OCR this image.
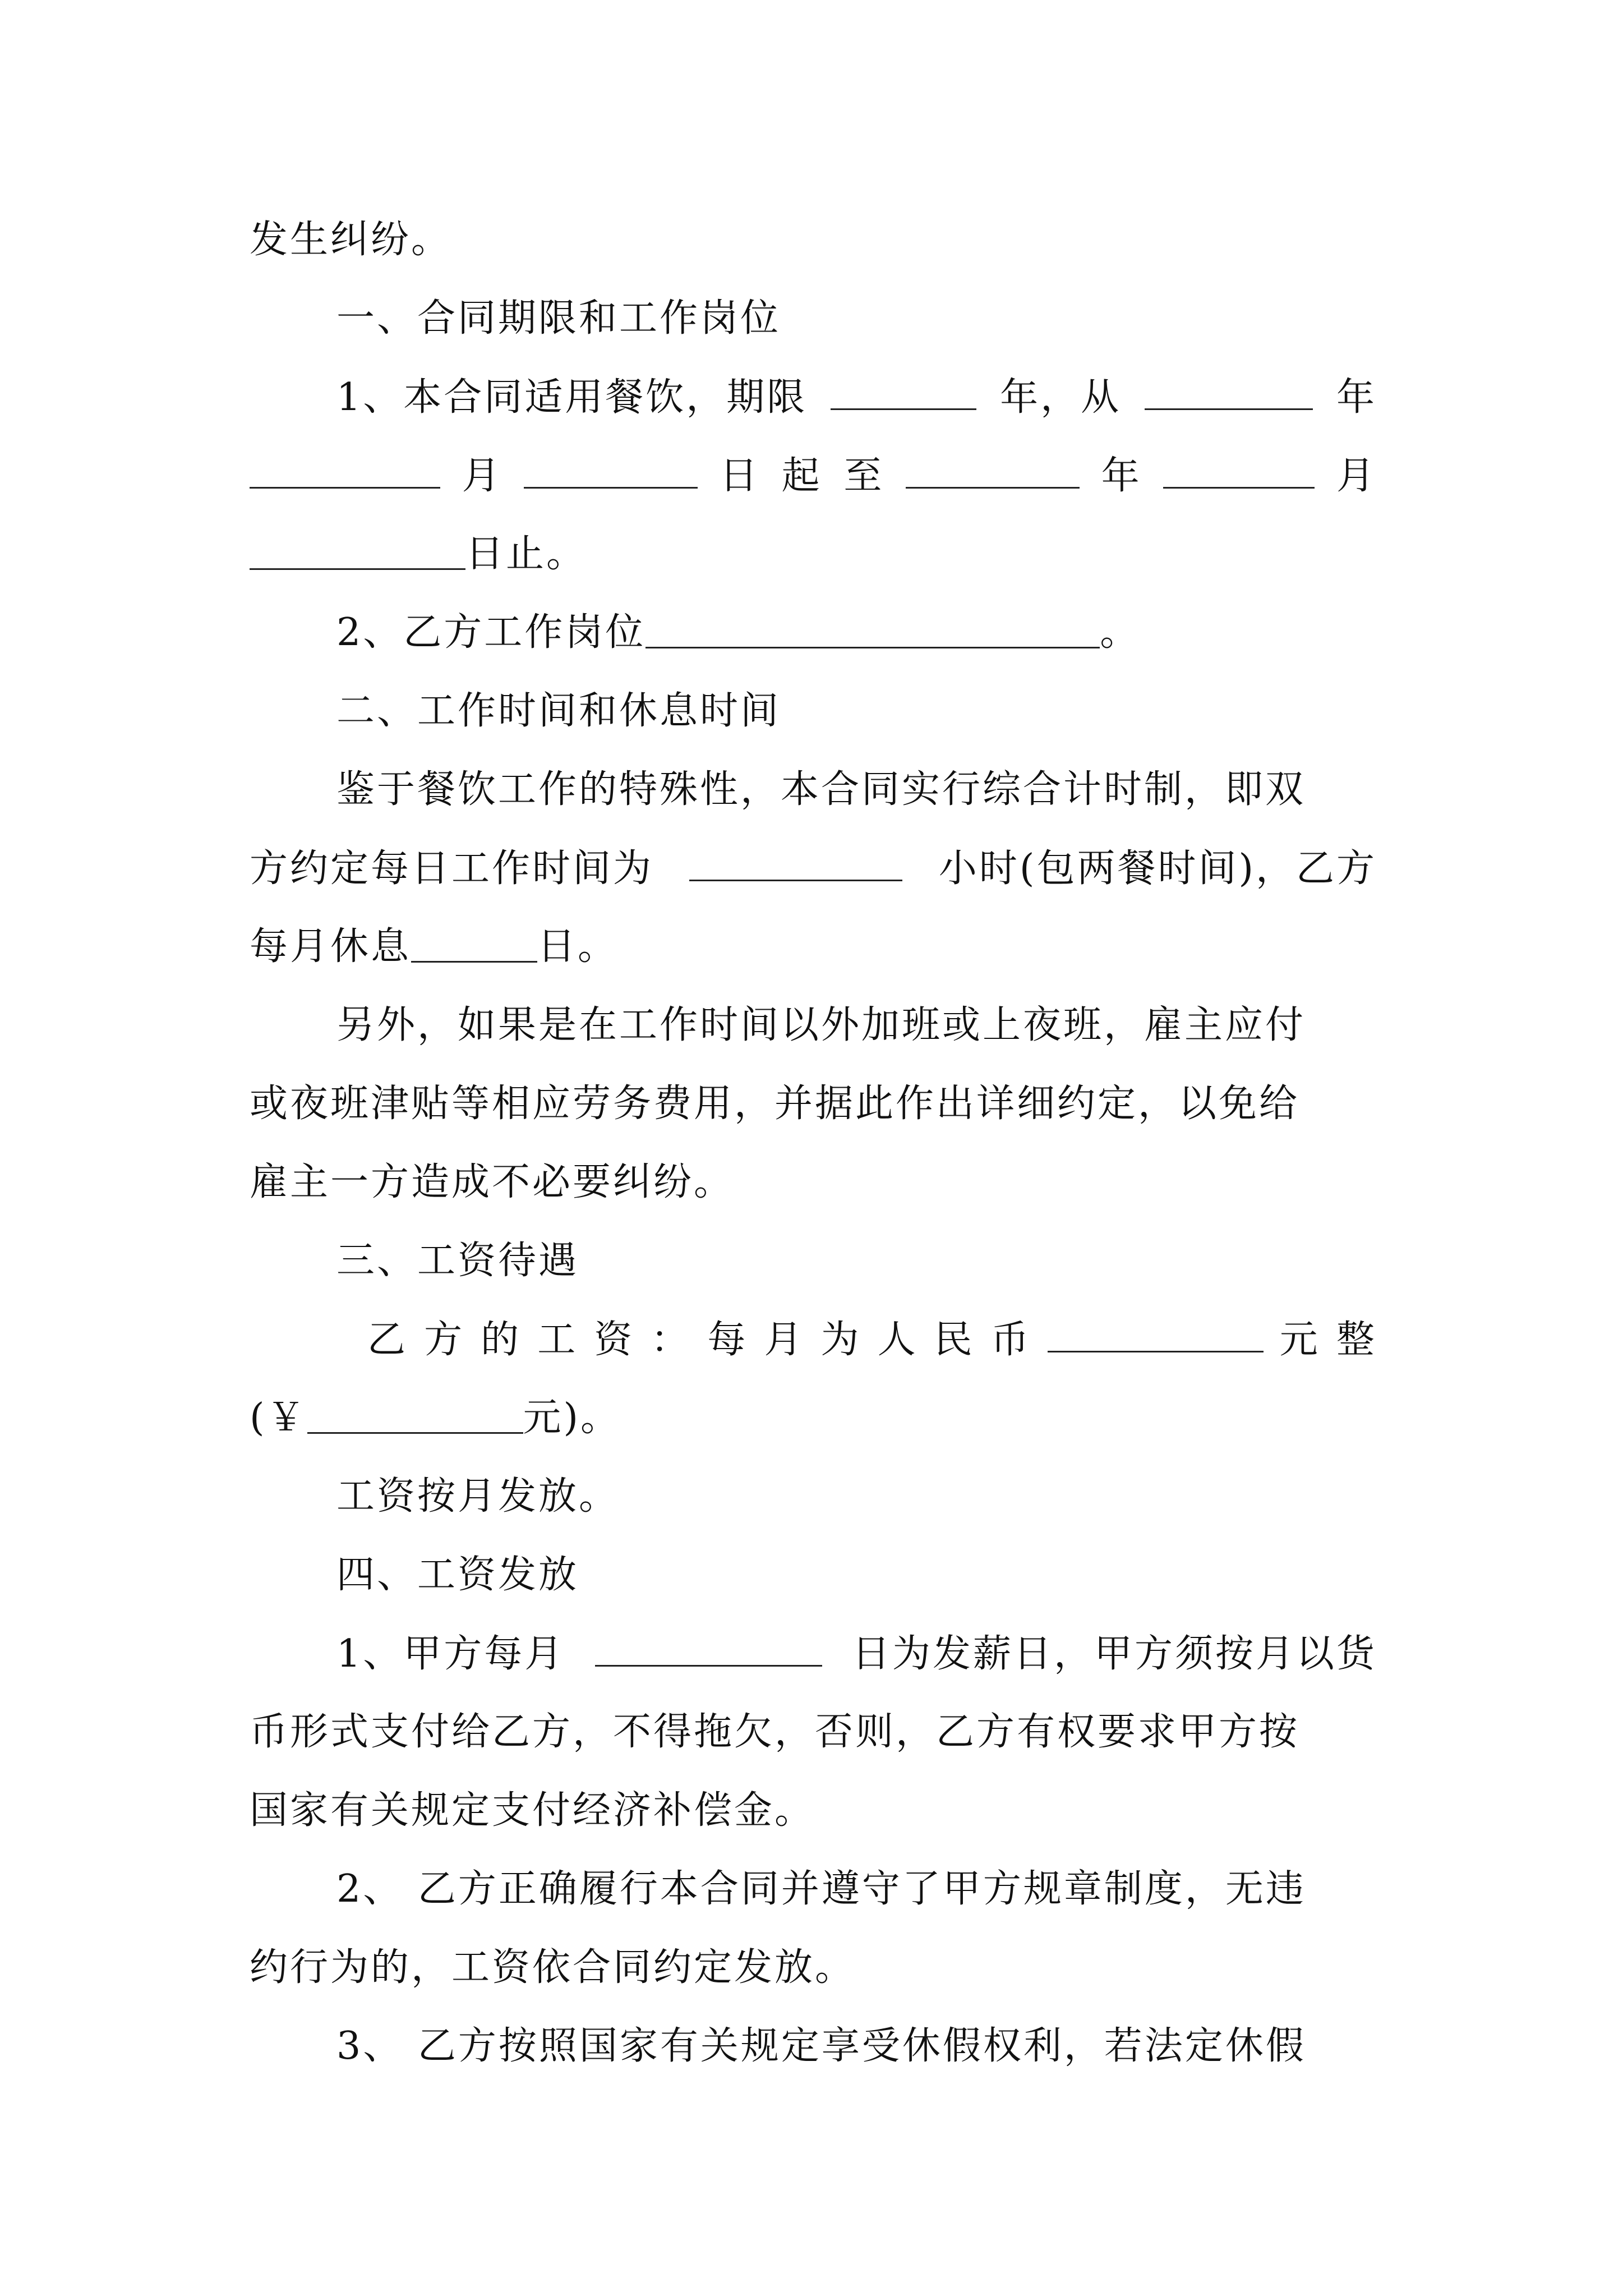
发生纠纷。
一、合同期限和工作岗位
1、本合同适用餐饮，期限	年，从	年
月	日 起 至	年	月
日止。
2、乙方工作岗位	。
二、工作时间和休息时间
鉴于餐饮工作的特殊性，本合同实行综合计时制，即双
方约定每日工作时间为	小时(包两餐时间)，乙方
每月休息	日。
另外，如果是在工作时间以外加班或上夜班，雇主应付
或夜班津贴等相应劳务费用，并据此作出详细约定，以免给
雇主一方造成不必要纠纷。
三、工资待遇
乙 方 的 工 资 ： 每 月 为 人 民 币	元 整
(￥	元)。
工资按月发放。
四、工资发放
1、甲方每月	日为发薪日，甲方须按月以货
币形式支付给乙方，不得拖欠，否则，乙方有权要求甲方按
国家有关规定支付经济补偿金。
2、 乙方正确履行本合同并遵守了甲方规章制度，无违
约行为的，工资依合同约定发放。
3、 乙方按照国家有关规定享受休假权利，若法定休假
